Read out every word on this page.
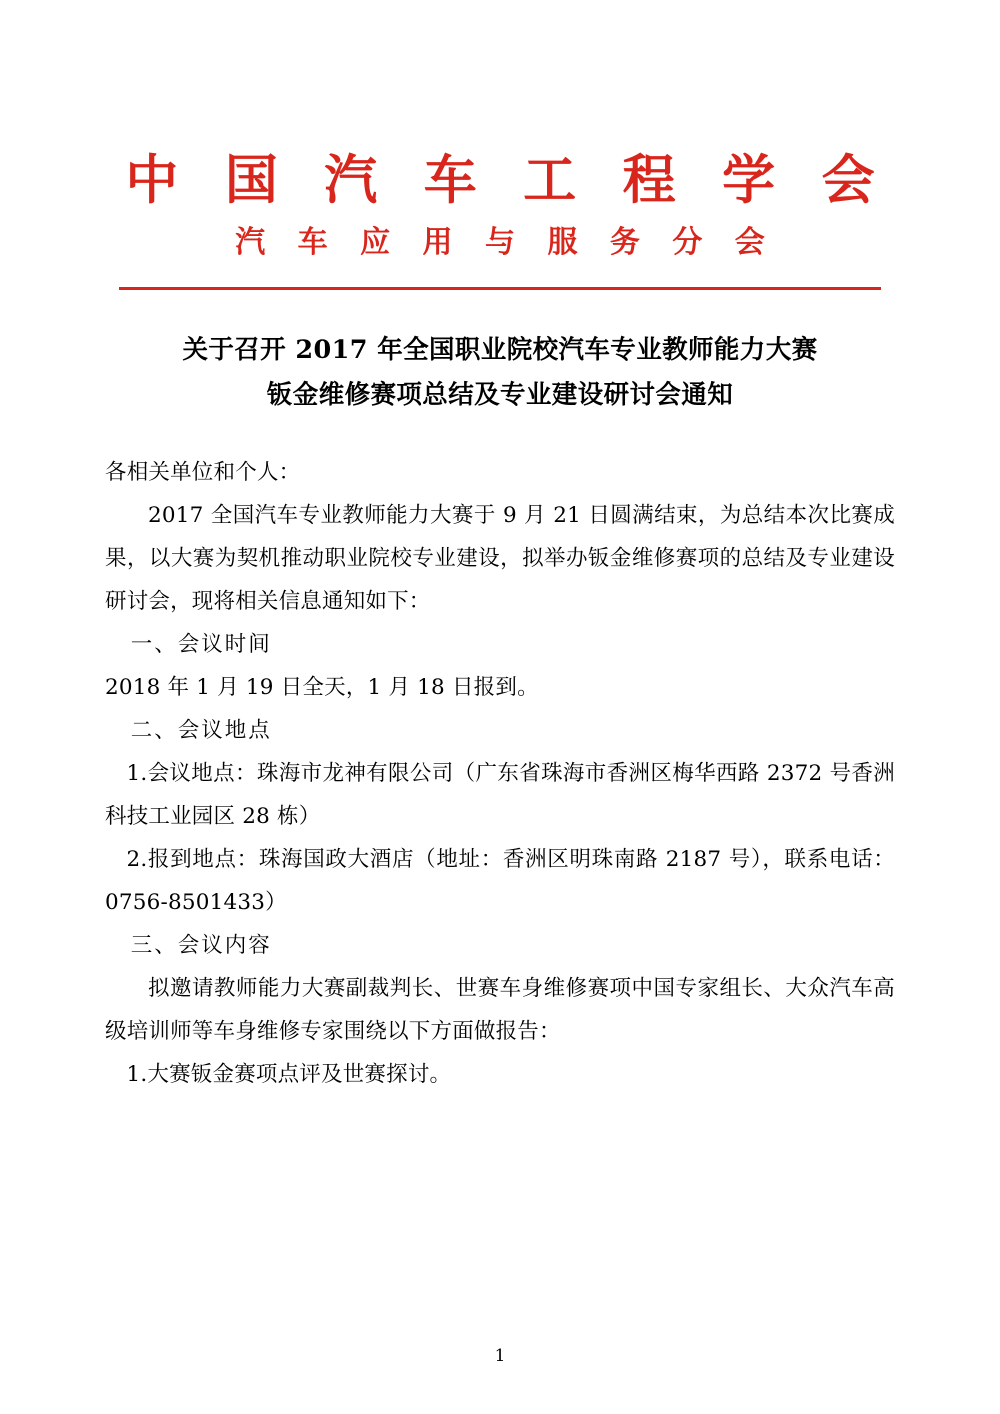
中 国 汽 车 工 程 学 会
汽 车 应 用 与 服 务 分 会
关于召开 2017 年全国职业院校汽车专业教师能力大赛
钣金维修赛项总结及专业建设研讨会通知

各相关单位和个人：

2017 全国汽车专业教师能力大赛于 9 月 21 日圆满结束，为总结本次比赛成果，以大赛为契机推动职业院校专业建设，拟举办钣金维修赛项的总结及专业建设研讨会，现将相关信息通知如下：

一、会议时间

2018 年 1 月 19 日全天，1 月 18 日报到。

二、会议地点

1.会议地点：珠海市龙神有限公司（广东省珠海市香洲区梅华西路 2372 号香洲科技工业园区 28 栋）

2.报到地点：珠海国政大酒店（地址：香洲区明珠南路 2187 号），联系电话：0756-8501433）

三、会议内容

拟邀请教师能力大赛副裁判长、世赛车身维修赛项中国专家组长、大众汽车高级培训师等车身维修专家围绕以下方面做报告：

1.大赛钣金赛项点评及世赛探讨。

1
